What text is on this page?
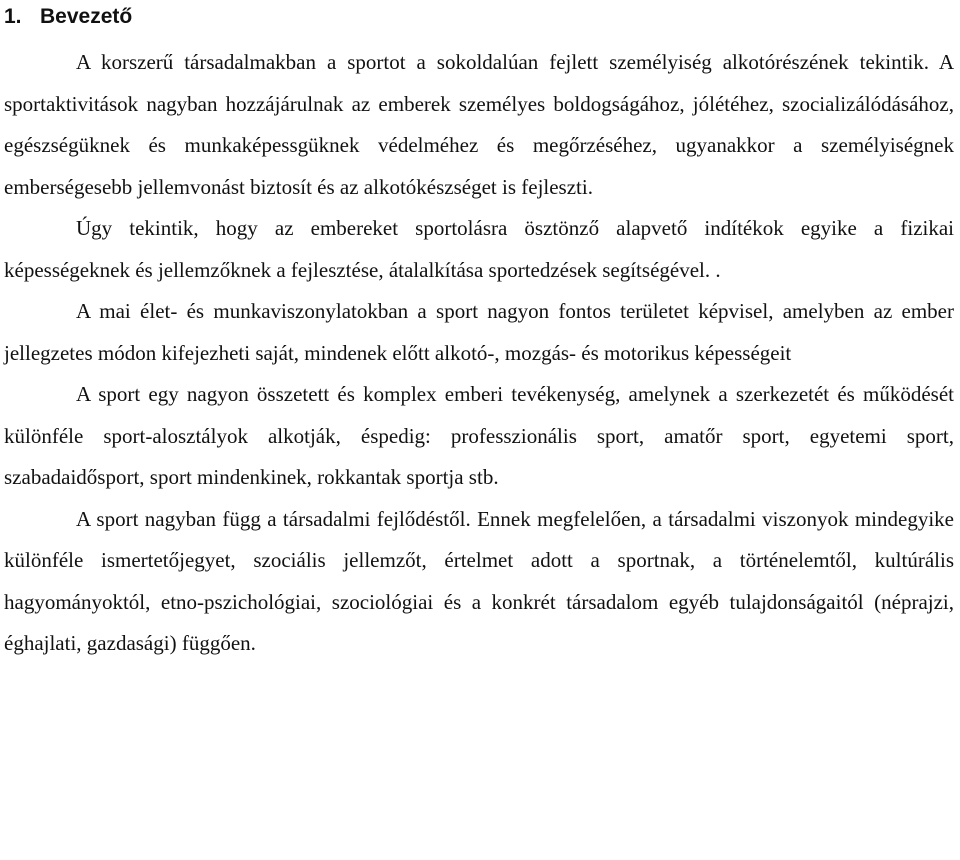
1. Bevezető

A korszerű társadalmakban a sportot a sokoldalúan fejlett személyiség alkotórészének tekintik. A sportaktivitások nagyban hozzájárulnak az emberek személyes boldogságához, jólétéhez, szocializálódásához, egészségüknek és munkaképessgüknek védelméhez és megőrzéséhez, ugyanakkor a személyiségnek emberségesebb jellemvonást biztosít és az alkotókészséget is fejleszti.

Úgy tekintik, hogy az embereket sportolásra ösztönző alapvető indítékok egyike a fizikai képességeknek és jellemzőknek a fejlesztése, átalalkítása sportedzések segítségével. .

A mai élet- és munkaviszonylatokban a sport nagyon fontos területet képvisel, amelyben az ember jellegzetes módon kifejezheti saját, mindenek előtt alkotó-, mozgás- és motorikus képességeit

A sport egy nagyon összetett és komplex emberi tevékenység, amelynek a szerkezetét és működését különféle sport-alosztályok alkotják, éspedig: professzionális sport, amatőr sport, egyetemi sport, szabadaidősport, sport mindenkinek, rokkantak sportja stb.

A sport nagyban függ a társadalmi fejlődéstől. Ennek megfelelően, a társadalmi viszonyok mindegyike különféle ismertetőjegyet, szociális jellemzőt, értelmet adott a sportnak, a történelemtől, kultúrális hagyományoktól, etno-pszichológiai, szociológiai és a konkrét társadalom egyéb tulajdonságaitól (néprajzi, éghajlati, gazdasági) függően.
